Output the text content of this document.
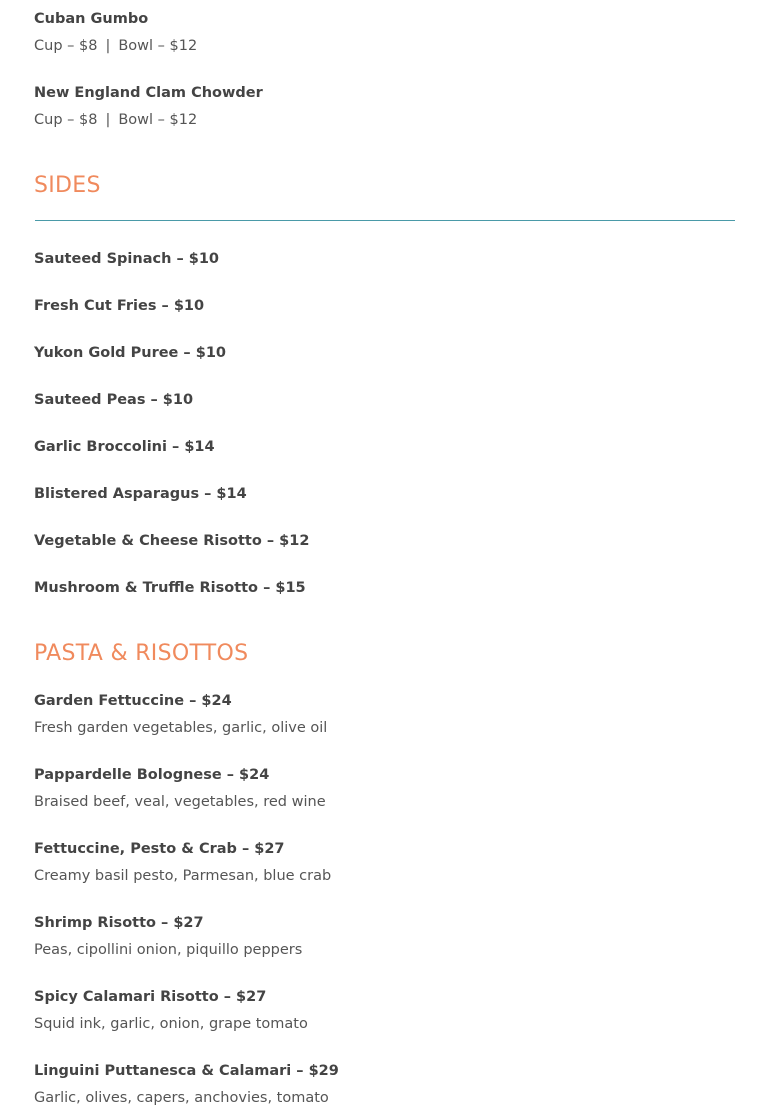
Cuban Gumbo
Cup – $8 | Bowl – $12
New England Clam Chowder
Cup – $8 | Bowl – $12
SIDES
Sauteed Spinach – $10
Fresh Cut Fries – $10
Yukon Gold Puree – $10
Sauteed Peas – $10
Garlic Broccolini – $14
Blistered Asparagus – $14
Vegetable & Cheese Risotto – $12
Mushroom & Truffle Risotto – $15
PASTA & RISOTTOS
Garden Fettuccine – $24
Fresh garden vegetables, garlic, olive oil
Pappardelle Bolognese – $24
Braised beef, veal, vegetables, red wine
Fettuccine, Pesto & Crab – $27
Creamy basil pesto, Parmesan, blue crab
Shrimp Risotto – $27
Peas, cipollini onion, piquillo peppers
Spicy Calamari Risotto – $27
Squid ink, garlic, onion, grape tomato
Linguini Puttanesca & Calamari – $29
Garlic, olives, capers, anchovies, tomato
